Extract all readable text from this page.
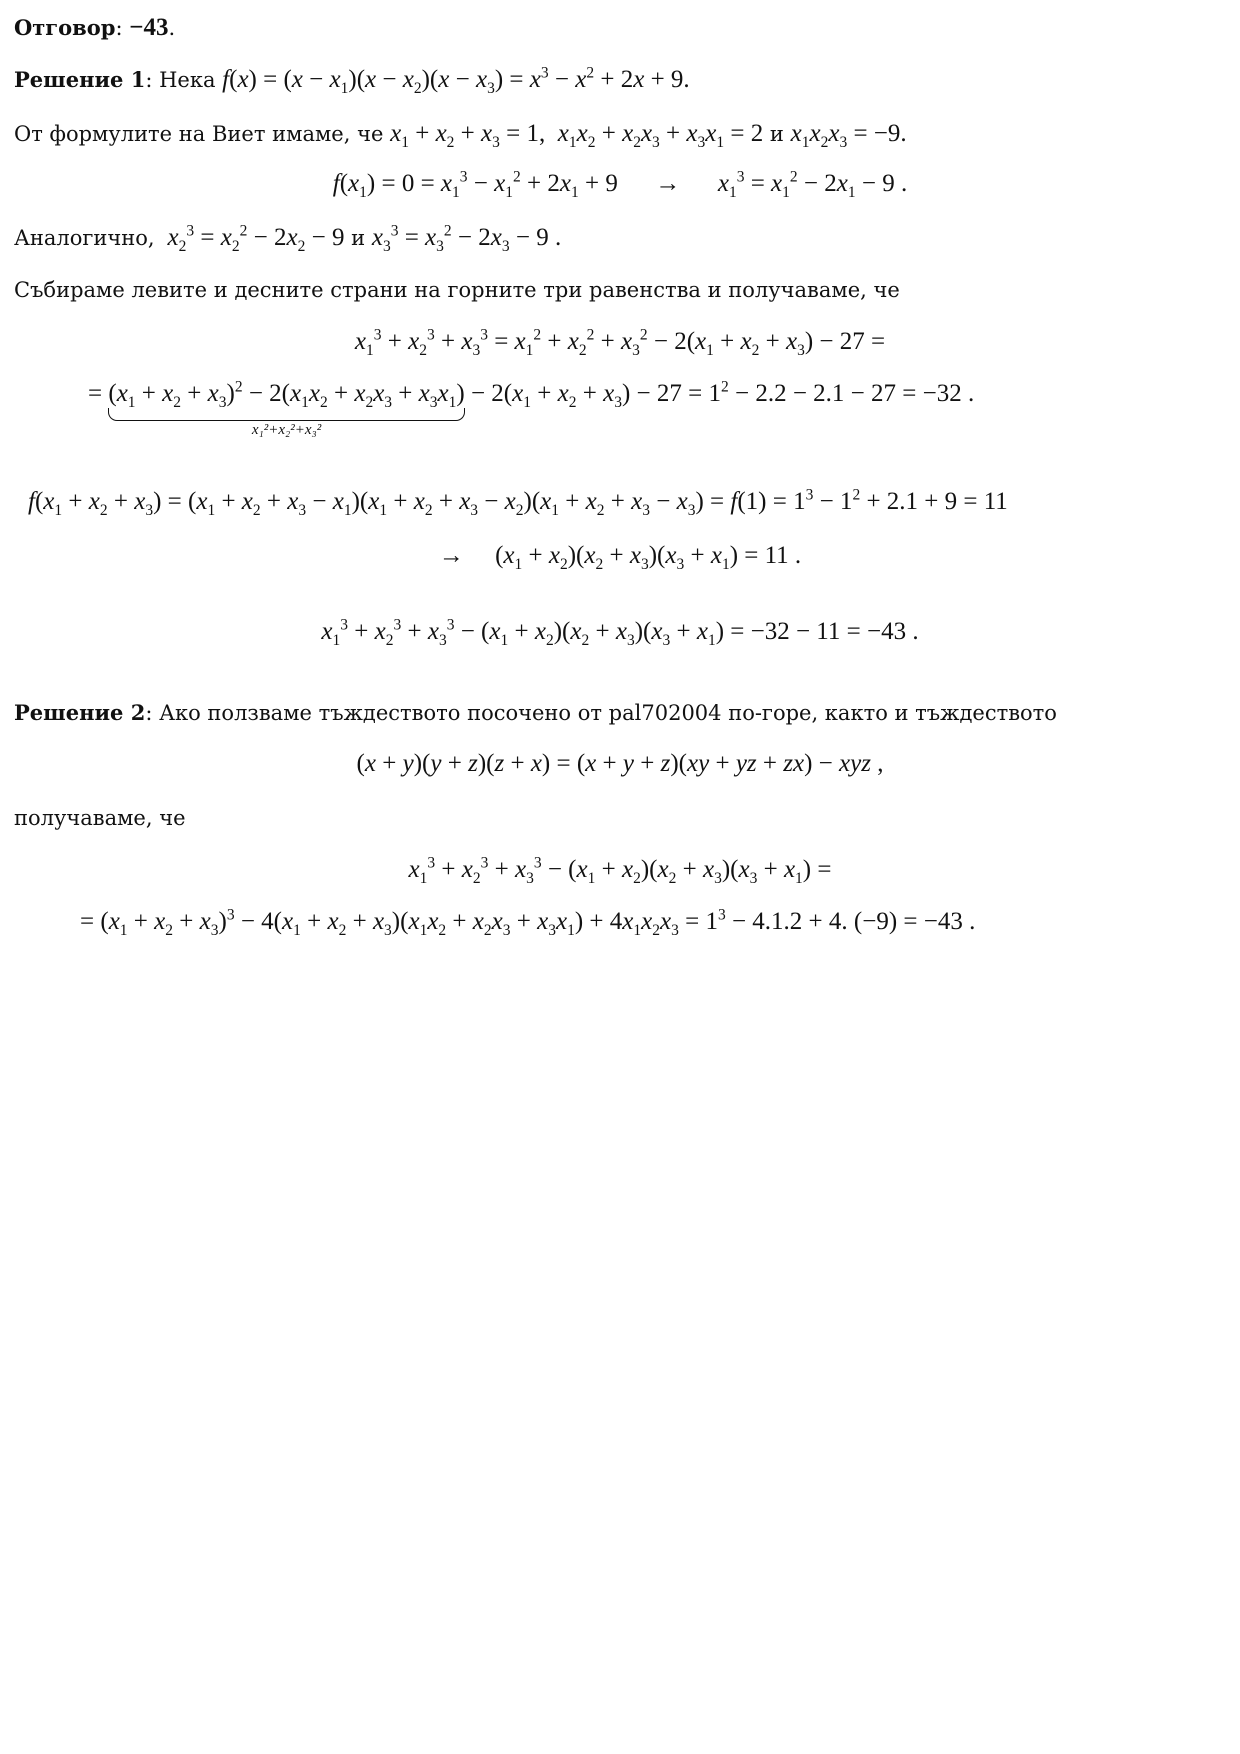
Отговор: −43.
Решение 1: Нека $f(x) = (x - x_1)(x - x_2)(x - x_3) = x^3 - x^2 + 2x + 9$.
От формулите на Виет имаме, че $x_1 + x_2 + x_3 = 1$,  $x_1x_2 + x_2x_3 + x_3x_1 = 2$ и $x_1x_2x_3 = -9$.
$f(x_1) = 0 = x_1^3 - x_1^2 + 2x_1 + 9$      →      $x_1^3 = x_1^2 - 2x_1 - 9$ .
Аналогично, $x_2^3 = x_2^2 - 2x_2 - 9$ и $x_3^3 = x_3^2 - 2x_3 - 9$ .
Събираме левите и десните страни на горните три равенства и получаваме, че
$x_1^3 + x_2^3 + x_3^3 = x_1^2 + x_2^2 + x_3^2 - 2(x_1 + x_2 + x_3) - 27$ =
= $(x_1 + x_2 + x_3)^2 - 2(x_1x_2 + x_2x_3 + x_3x_1)$
x₁²+x₂²+x₃²
− $2(x_1 + x_2 + x_3) - 27 = 1^2 - 2.2 - 2.1 - 27 = -32$ .
$f(x_1 + x_2 + x_3) = (x_1 + x_2 + x_3 - x_1)(x_1 + x_2 + x_3 - x_2)(x_1 + x_2 + x_3 - x_3) = f(1) = 1^3 - 1^2 + 2.1 + 9 = 11$
→     $(x_1 + x_2)(x_2 + x_3)(x_3 + x_1) = 11$ .
$x_1^3 + x_2^3 + x_3^3 - (x_1 + x_2)(x_2 + x_3)(x_3 + x_1) = -32 - 11 = -43$ .
Решение 2: Ако ползваме тъждеството посочено от pal702004 по-горе, както и тъждеството
(x + y)(y + z)(z + x) = (x + y + z)(xy + yz + zx) − xyz ,
получаваме, че
$x_1^3 + x_2^3 + x_3^3 - (x_1 + x_2)(x_2 + x_3)(x_3 + x_1)$ =
= $(x_1 + x_2 + x_3)^3 - 4(x_1 + x_2 + x_3)(x_1x_2 + x_2x_3 + x_3x_1) + 4x_1x_2x_3 = 1^3 - 4.1.2 + 4$. (−9) = −43 .
